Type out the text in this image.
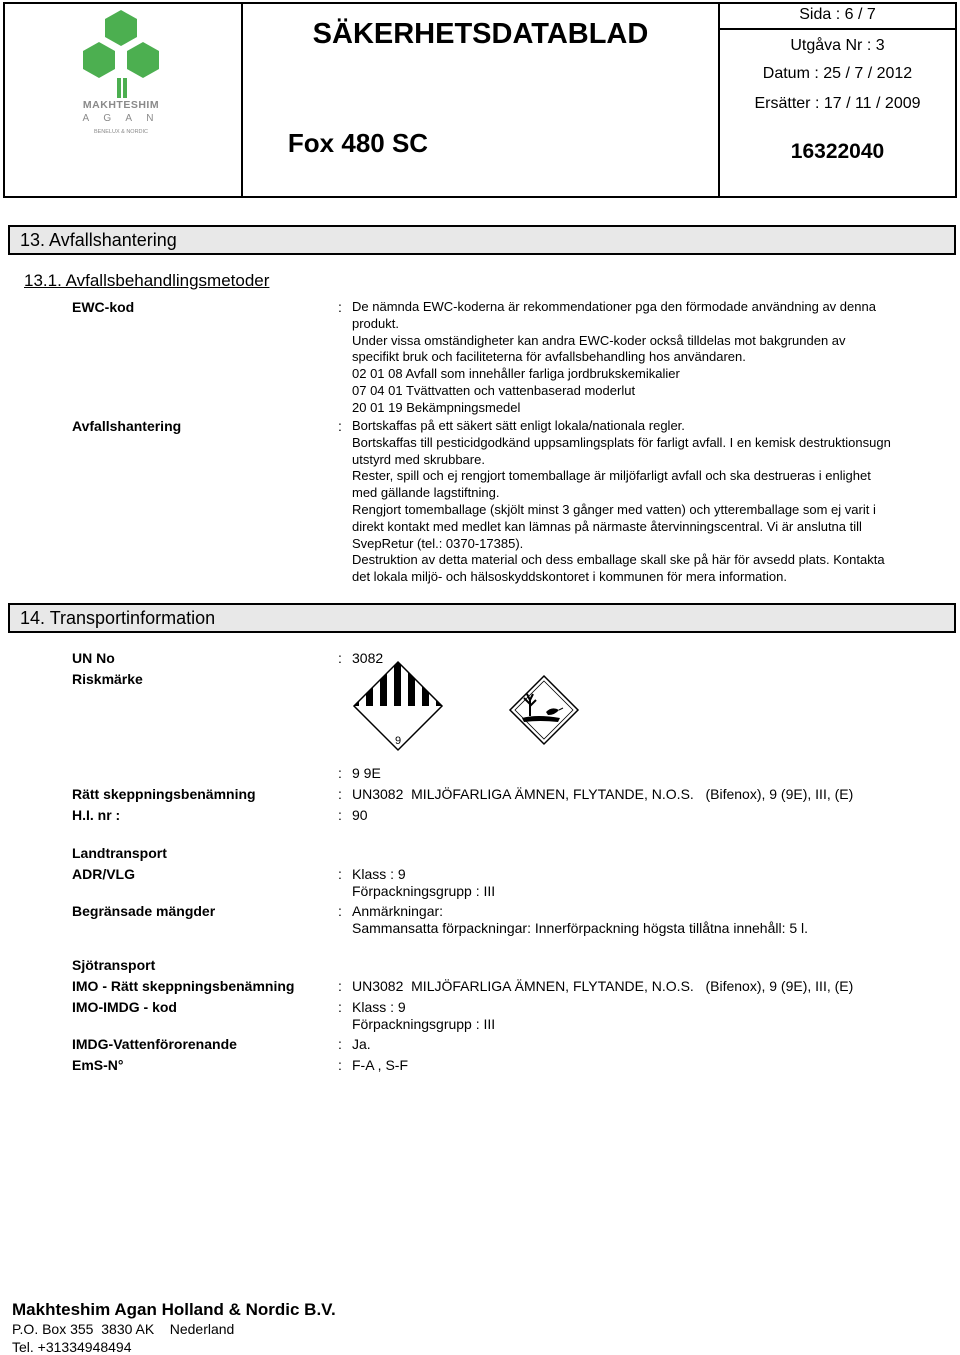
MAKHTESHIM
A G A N
BENELUX & NORDIC
SÄKERHETSDATABLAD
Fox 480 SC
Sida : 6 / 7
Utgåva Nr : 3
Datum : 25 / 7 / 2012
Ersätter : 17 / 11 / 2009
16322040
13. Avfallshantering
13.1. Avfallsbehandlingsmetoder
EWC-kod	: De nämnda EWC-koderna är rekommendationer pga den förmodade användning av denna
produkt.
Under vissa omständigheter kan andra EWC-koder också tilldelas mot bakgrunden av
specifikt bruk och faciliteterna för avfallsbehandling hos användaren.
02 01 08 Avfall som innehåller farliga jordbrukskemikalier
07 04 01 Tvättvatten och vattenbaserad moderlut
20 01 19 Bekämpningsmedel
Avfallshantering	: Bortskaffas på ett säkert sätt enligt lokala/nationala regler.
Bortskaffas till pesticidgodkänd uppsamlingsplats för farligt avfall. I en kemisk destruktionsugn
utstyrd med skrubbare.
Rester, spill och ej rengjort tomemballage är miljöfarligt avfall och ska destrueras i enlighet
med gällande lagstiftning.
Rengjort tomemballage (skjölt minst 3 gånger med vatten) och ytteremballage som ej varit i
direkt kontakt med medlet kan lämnas på närmaste återvinningscentral. Vi är anslutna till
SvepRetur (tel.: 0370-17385).
Destruktion av detta material och dess emballage skall ske på här för avsedd plats. Kontakta
det lokala miljö- och hälsoskyddskontoret i kommunen för mera information.
14. Transportinformation
UN No	: 3082
Riskmärke
9
: 9 9E
Rätt skeppningsbenämning	: UN3082  MILJÖFARLIGA ÄMNEN, FLYTANDE, N.O.S.   (Bifenox), 9 (9E), III, (E)
H.I. nr :	: 90
Landtransport
ADR/VLG	: Klass : 9
Förpackningsgrupp : III
Begränsade mängder	: Anmärkningar:
Sammansatta förpackningar: Innerförpackning högsta tillåtna innehåll: 5 l.
Sjötransport
IMO - Rätt skeppningsbenämning	: UN3082  MILJÖFARLIGA ÄMNEN, FLYTANDE, N.O.S.   (Bifenox), 9 (9E), III, (E)
IMO-IMDG - kod	: Klass : 9
Förpackningsgrupp : III
IMDG-Vattenförorenande	: Ja.
EmS-N°	: F-A , S-F
Makhteshim Agan Holland & Nordic B.V.
P.O. Box 355  3830 AK    Nederland
Tel. +31334948494
